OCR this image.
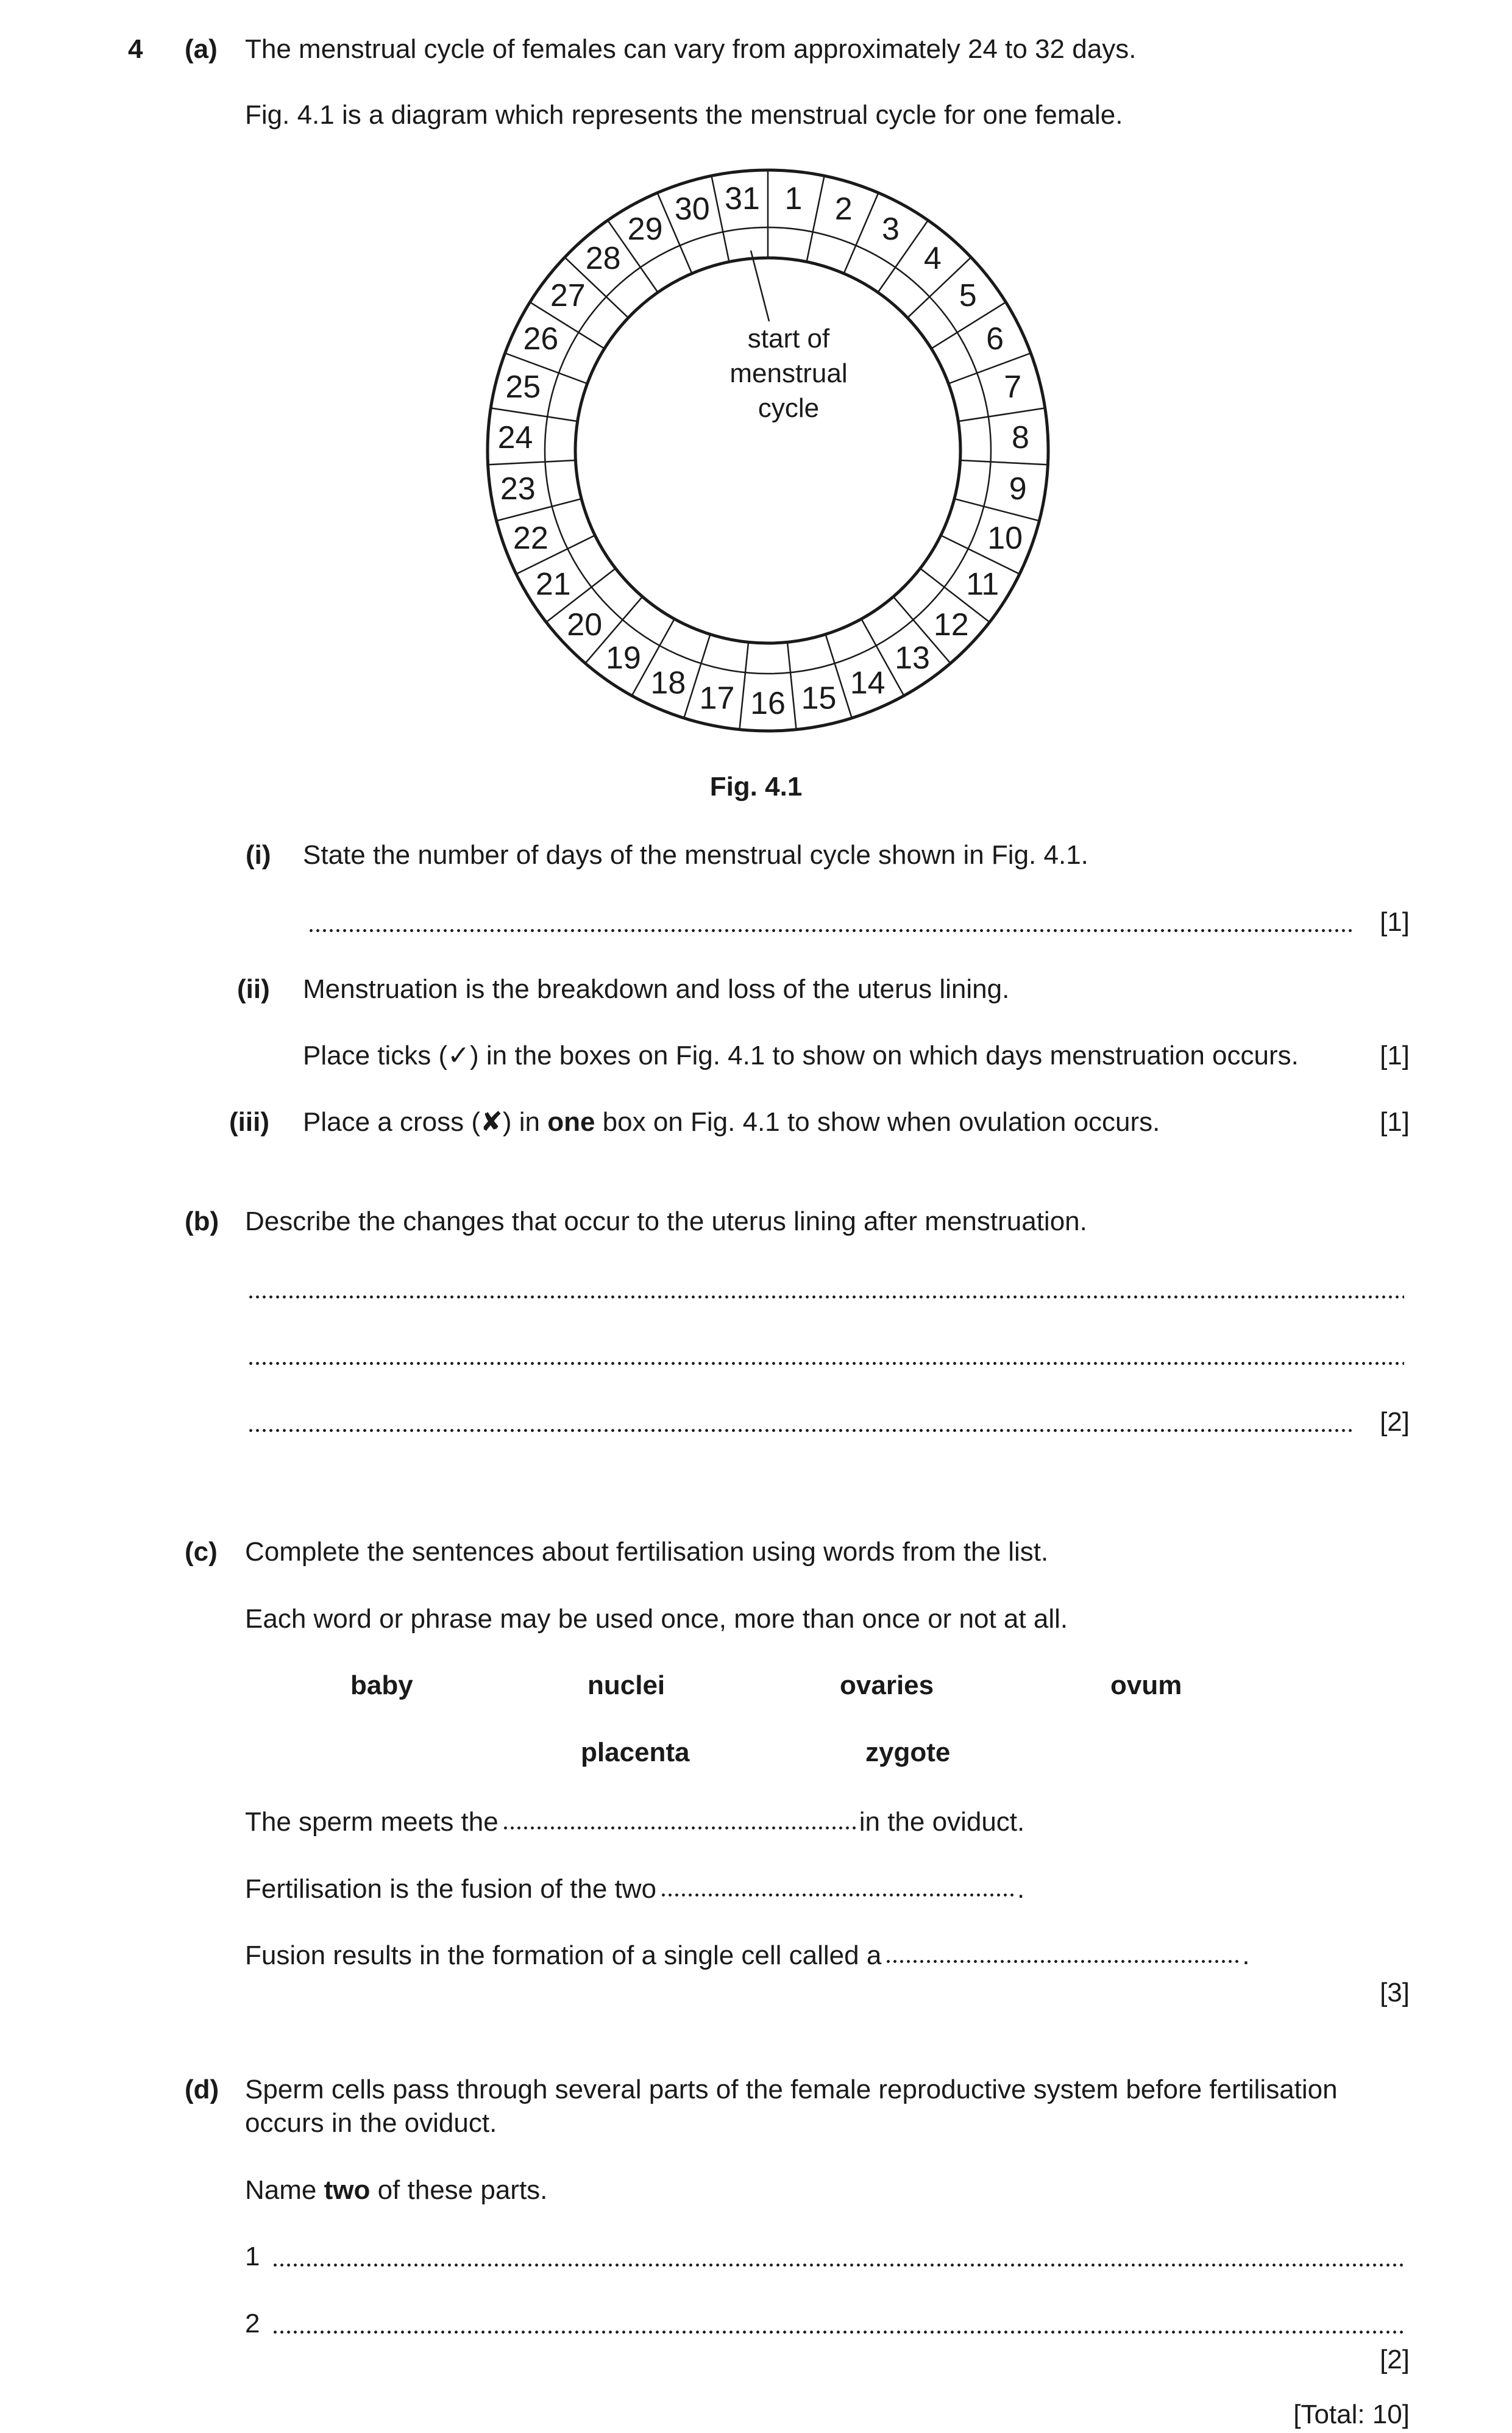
4 (a) The menstrual cycle of females can vary from approximately 24 to 32 days.
Fig. 4.1 is a diagram which represents the menstrual cycle for one female.
1 2
3
4
5
6
7
8
9
10
11
12
13
14
15
16
17
18
19
20
21
22
23
24
25
26
27
28
29
30 31
start of
menstrual
cycle
Fig. 4.1
(i) State the number of days of the menstrual cycle shown in Fig. 4.1.
[1]
(ii) Menstruation is the breakdown and loss of the uterus lining.
Place ticks (✓) in the boxes on Fig. 4.1 to show on which days menstruation occurs.	[1]
(iii) Place a cross (✘) in one box on Fig. 4.1 to show when ovulation occurs.	[1]
(b) Describe the changes that occur to the uterus lining after menstruation.
[2]
(c) Complete the sentences about fertilisation using words from the list.
Each word or phrase may be used once, more than once or not at all.
baby	nuclei	ovaries	ovum
placenta	zygote
The sperm meets the	in the oviduct.
Fertilisation is the fusion of the two	.
Fusion results in the formation of a single cell called a	.
[3]
(d) Sperm cells pass through several parts of the female reproductive system before fertilisation
occurs in the oviduct.
Name two of these parts.
1
2
[2]
[Total: 10]
